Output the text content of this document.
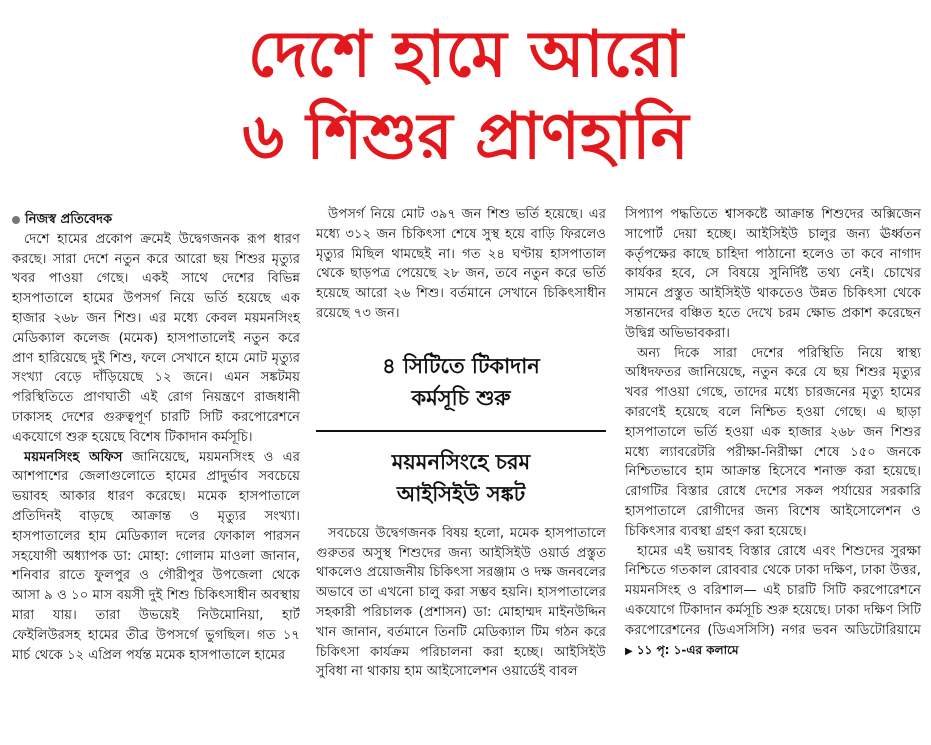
দেশে হামে আরো
৬ শিশুর প্রাণহানি

নিজস্ব প্রতিবেদক

দেশে হামের প্রকোপ ক্রমেই উদ্বেগজনক রূপ ধারণ করছে। সারা দেশে নতুন করে আরো ছয় শিশুর মৃত্যুর খবর পাওয়া গেছে। একই সাথে দেশের বিভিন্ন হাসপাতালে হামের উপসর্গ নিয়ে ভর্তি হয়েছে এক হাজার ২৬৮ জন শিশু। এর মধ্যে কেবল ময়মনসিংহ মেডিক্যাল কলেজ (মমেক) হাসপাতালেই নতুন করে প্রাণ হারিয়েছে দুই শিশু, ফলে সেখানে হামে মোট মৃত্যুর সংখ্যা বেড়ে দাঁড়িয়েছে ১২ জনে। এমন সঙ্কটময় পরিস্থিতিতে প্রাণঘাতী এই রোগ নিয়ন্ত্রণে রাজধানী ঢাকাসহ দেশের গুরুত্বপূর্ণ চারটি সিটি করপোরেশনে একযোগে শুরু হয়েছে বিশেষ টিকাদান কর্মসূচি।

ময়মনসিংহ অফিস জানিয়েছে, ময়মনসিংহ ও এর আশপাশের জেলাগুলোতে হামের প্রাদুর্ভাব সবচেয়ে ভয়াবহ আকার ধারণ করেছে। মমেক হাসপাতালে প্রতিদিনই বাড়ছে আক্রান্ত ও মৃত্যুর সংখ্যা। হাসপাতালের হাম মেডিক্যাল দলের ফোকাল পারসন সহযোগী অধ্যাপক ডা: মোহা: গোলাম মাওলা জানান, শনিবার রাতে ফুলপুর ও গৌরীপুর উপজেলা থেকে আসা ৯ ও ১০ মাস বয়সী দুই শিশু চিকিৎসাধীন অবস্থায় মারা যায়। তারা উভয়েই নিউমোনিয়া, হার্ট ফেইলিউরসহ হামের তীব্র উপসর্গে ভুগছিল। গত ১৭ মার্চ থেকে ১২ এপ্রিল পর্যন্ত মমেক হাসপাতালে হামের

উপসর্গ নিয়ে মোট ৩৯৭ জন শিশু ভর্তি হয়েছে। এর মধ্যে ৩১২ জন চিকিৎসা শেষে সুস্থ হয়ে বাড়ি ফিরলেও মৃত্যুর মিছিল থামছেই না। গত ২৪ ঘণ্টায় হাসপাতাল থেকে ছাড়পত্র পেয়েছে ২৮ জন, তবে নতুন করে ভর্তি হয়েছে আরো ২৬ শিশু। বর্তমানে সেখানে চিকিৎসাধীন রয়েছে ৭৩ জন।

৪ সিটিতে টিকাদান
কর্মসূচি শুরু
ময়মনসিংহে চরম
আইসিইউ সঙ্কট

সবচেয়ে উদ্বেগজনক বিষয় হলো, মমেক হাসপাতালে গুরুতর অসুস্থ শিশুদের জন্য আইসিইউ ওয়ার্ড প্রস্তুত থাকলেও প্রয়োজনীয় চিকিৎসা সরঞ্জাম ও দক্ষ জনবলের অভাবে তা এখনো চালু করা সম্ভব হয়নি। হাসপাতালের সহকারী পরিচালক (প্রশাসন) ডা: মোহাম্মদ মাইনউদ্দিন খান জানান, বর্তমানে তিনটি মেডিক্যাল টিম গঠন করে চিকিৎসা কার্যক্রম পরিচালনা করা হচ্ছে। আইসিইউ সুবিধা না থাকায় হাম আইসোলেশন ওয়ার্ডেই বাবল

সিপ্যাপ পদ্ধতিতে শ্বাসকষ্টে আক্রান্ত শিশুদের অক্সিজেন সাপোর্ট দেয়া হচ্ছে। আইসিইউ চালুর জন্য ঊর্ধ্বতন কর্তৃপক্ষের কাছে চাহিদা পাঠানো হলেও তা কবে নাগাদ কার্যকর হবে, সে বিষয়ে সুনির্দিষ্ট তথ্য নেই। চোখের সামনে প্রস্তুত আইসিইউ থাকতেও উন্নত চিকিৎসা থেকে সন্তানদের বঞ্চিত হতে দেখে চরম ক্ষোভ প্রকাশ করেছেন উদ্বিগ্ন অভিভাবকরা।

অন্য দিকে সারা দেশের পরিস্থিতি নিয়ে স্বাস্থ্য অধিদফতর জানিয়েছে, নতুন করে যে ছয় শিশুর মৃত্যুর খবর পাওয়া গেছে, তাদের মধ্যে চারজনের মৃত্যু হামের কারণেই হয়েছে বলে নিশ্চিত হওয়া গেছে। এ ছাড়া হাসপাতালে ভর্তি হওয়া এক হাজার ২৬৮ জন শিশুর মধ্যে ল্যাবরেটরি পরীক্ষা-নিরীক্ষা শেষে ১৫০ জনকে নিশ্চিতভাবে হাম আক্রান্ত হিসেবে শনাক্ত করা হয়েছে। রোগটির বিস্তার রোধে দেশের সকল পর্যায়ের সরকারি হাসপাতালে রোগীদের জন্য বিশেষ আইসোলেশন ও চিকিৎসার ব্যবস্থা গ্রহণ করা হয়েছে।

হামের এই ভয়াবহ বিস্তার রোধে এবং শিশুদের সুরক্ষা নিশ্চিতে গতকাল রোববার থেকে ঢাকা দক্ষিণ, ঢাকা উত্তর, ময়মনসিংহ ও বরিশাল— এই চারটি সিটি করপোরেশনে একযোগে টিকাদান কর্মসূচি শুরু হয়েছে। ঢাকা দক্ষিণ সিটি করপোরেশনের (ডিএসসিসি) নগর ভবন অডিটোরিয়ামে ▶ ১১ পৃ: ১-এর কলামে
